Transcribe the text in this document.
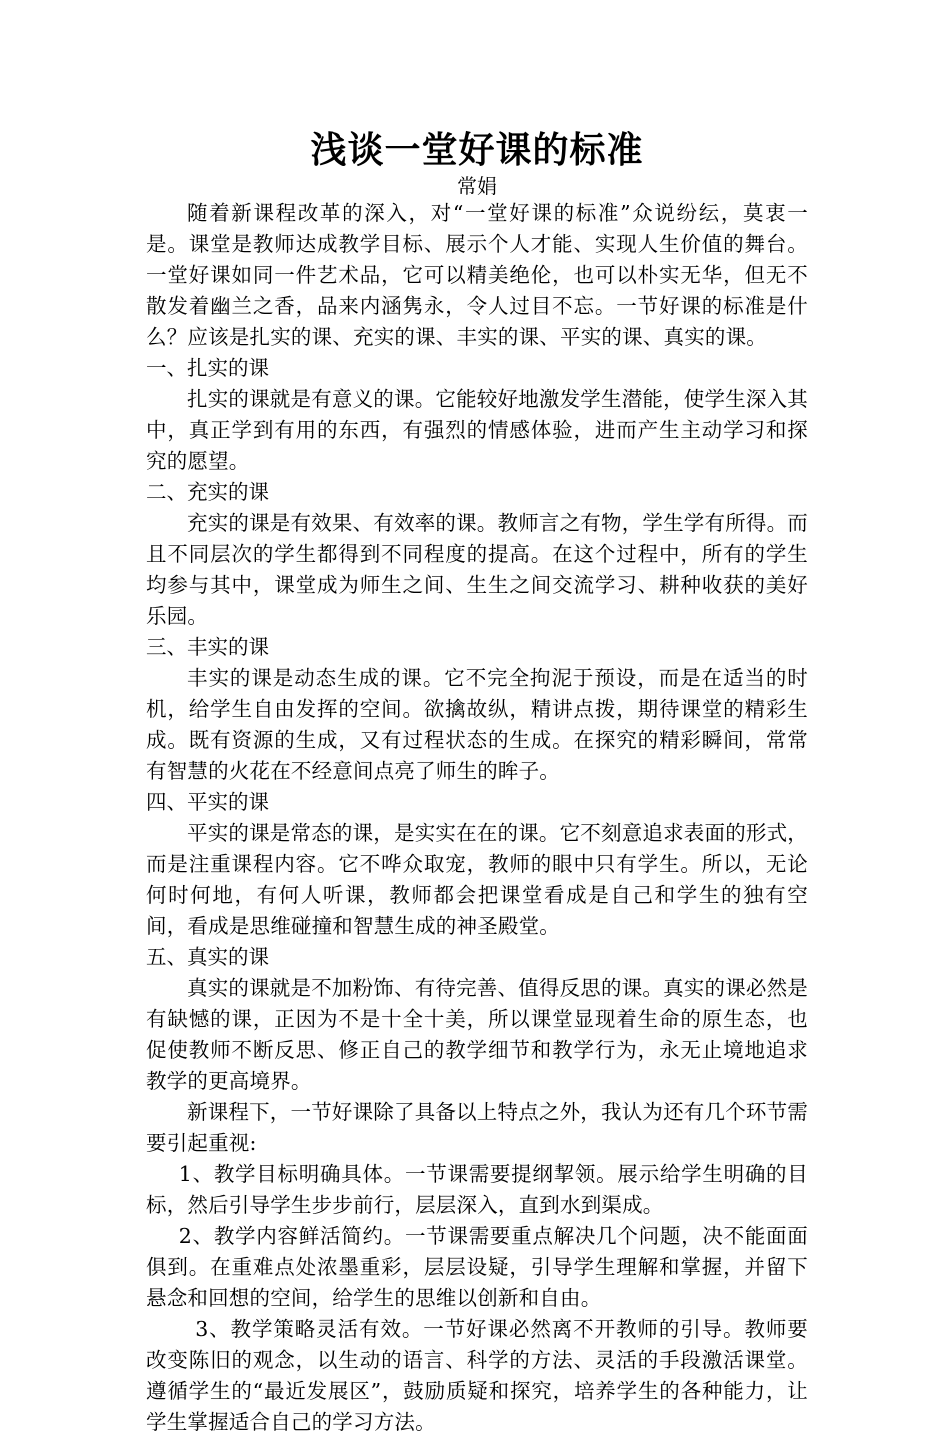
浅谈一堂好课的标准

常娟

随着新课程改革的深入，对“一堂好课的标准”众说纷纭，莫衷一是。课堂是教师达成教学目标、展示个人才能、实现人生价值的舞台。一堂好课如同一件艺术品，它可以精美绝伦，也可以朴实无华，但无不散发着幽兰之香，品来内涵隽永，令人过目不忘。一节好课的标准是什么？应该是扎实的课、充实的课、丰实的课、平实的课、真实的课。

一、扎实的课

扎实的课就是有意义的课。它能较好地激发学生潜能，使学生深入其中，真正学到有用的东西，有强烈的情感体验，进而产生主动学习和探究的愿望。

二、充实的课

充实的课是有效果、有效率的课。教师言之有物，学生学有所得。而且不同层次的学生都得到不同程度的提高。在这个过程中，所有的学生均参与其中，课堂成为师生之间、生生之间交流学习、耕种收获的美好乐园。

三、丰实的课

丰实的课是动态生成的课。它不完全拘泥于预设，而是在适当的时机，给学生自由发挥的空间。欲擒故纵，精讲点拨，期待课堂的精彩生成。既有资源的生成，又有过程状态的生成。在探究的精彩瞬间，常常有智慧的火花在不经意间点亮了师生的眸子。

四、平实的课

平实的课是常态的课，是实实在在的课。它不刻意追求表面的形式，而是注重课程内容。它不哗众取宠，教师的眼中只有学生。所以，无论何时何地，有何人听课，教师都会把课堂看成是自己和学生的独有空间，看成是思维碰撞和智慧生成的神圣殿堂。

五、真实的课

真实的课就是不加粉饰、有待完善、值得反思的课。真实的课必然是有缺憾的课，正因为不是十全十美，所以课堂显现着生命的原生态，也促使教师不断反思、修正自己的教学细节和教学行为，永无止境地追求教学的更高境界。

新课程下，一节好课除了具备以上特点之外，我认为还有几个环节需要引起重视:

1、教学目标明确具体。一节课需要提纲挈领。展示给学生明确的目标，然后引导学生步步前行，层层深入，直到水到渠成。

2、教学内容鲜活简约。一节课需要重点解决几个问题，决不能面面俱到。在重难点处浓墨重彩，层层设疑，引导学生理解和掌握，并留下悬念和回想的空间，给学生的思维以创新和自由。

3、教学策略灵活有效。一节好课必然离不开教师的引导。教师要改变陈旧的观念，以生动的语言、科学的方法、灵活的手段激活课堂。遵循学生的“最近发展区”，鼓励质疑和探究，培养学生的各种能力，让学生掌握适合自己的学习方法。
